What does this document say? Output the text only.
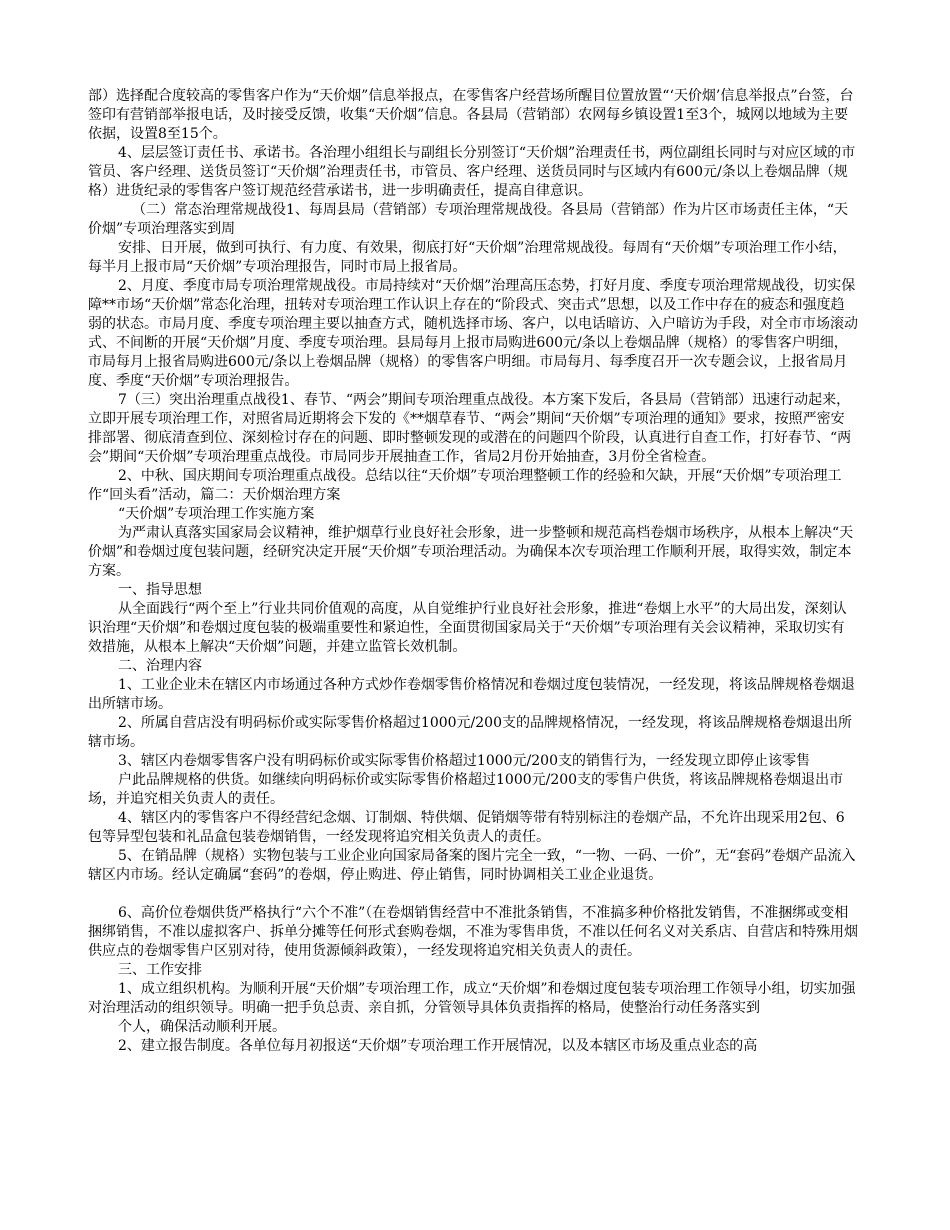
部）选择配合度较高的零售客户作为“天价烟”信息举报点，在零售客户经营场所醒目位置放置“‘天价烟’信息举报点”台签，台签印有营销部举报电话，及时接受反馈，收集“天价烟”信息。各县局（营销部）农网每乡镇设置1至3个，城网以地域为主要依据，设置8至15个。

4、层层签订责任书、承诺书。各治理小组组长与副组长分别签订“天价烟”治理责任书，两位副组长同时与对应区域的市管员、客户经理、送货员签订“天价烟”治理责任书，市管员、客户经理、送货员同时与区域内有600元/条以上卷烟品牌（规格）进货纪录的零售客户签订规范经营承诺书，进一步明确责任，提高自律意识。

（二）常态治理常规战役1、每周县局（营销部）专项治理常规战役。各县局（营销部）作为片区市场责任主体，“天价烟”专项治理落实到周

安排、日开展，做到可执行、有力度、有效果，彻底打好“天价烟”治理常规战役。每周有“天价烟”专项治理工作小结，每半月上报市局“天价烟”专项治理报告，同时市局上报省局。

2、月度、季度市局专项治理常规战役。市局持续对“天价烟”治理高压态势，打好月度、季度专项治理常规战役，切实保障**市场“天价烟”常态化治理，扭转对专项治理工作认识上存在的“阶段式、突击式”思想，以及工作中存在的疲态和强度趋弱的状态。市局月度、季度专项治理主要以抽查方式，随机选择市场、客户，以电话暗访、入户暗访为手段，对全市市场滚动式、不间断的开展“天价烟”月度、季度专项治理。县局每月上报市局购进600元/条以上卷烟品牌（规格）的零售客户明细，市局每月上报省局购进600元/条以上卷烟品牌（规格）的零售客户明细。市局每月、每季度召开一次专题会议，上报省局月度、季度“天价烟”专项治理报告。

7（三）突出治理重点战役1、春节、“两会”期间专项治理重点战役。本方案下发后，各县局（营销部）迅速行动起来，立即开展专项治理工作，对照省局近期将会下发的《**烟草春节、“两会”期间“天价烟”专项治理的通知》要求，按照严密安排部署、彻底清查到位、深刻检讨存在的问题、即时整顿发现的或潜在的问题四个阶段，认真进行自查工作，打好春节、“两会”期间“天价烟”专项治理重点战役。市局同步开展抽查工作，省局2月份开始抽查，3月份全省检查。

2、中秋、国庆期间专项治理重点战役。总结以往“天价烟”专项治理整顿工作的经验和欠缺，开展“天价烟”专项治理工作“回头看”活动，篇二：天价烟治理方案

“天价烟”专项治理工作实施方案

为严肃认真落实国家局会议精神，维护烟草行业良好社会形象，进一步整顿和规范高档卷烟市场秩序，从根本上解决“天价烟”和卷烟过度包装问题，经研究决定开展“天价烟”专项治理活动。为确保本次专项治理工作顺利开展，取得实效，制定本方案。

一、指导思想

从全面践行“两个至上”行业共同价值观的高度，从自觉维护行业良好社会形象，推进“卷烟上水平”的大局出发，深刻认识治理“天价烟”和卷烟过度包装的极端重要性和紧迫性，全面贯彻国家局关于“天价烟”专项治理有关会议精神，采取切实有效措施，从根本上解决“天价烟”问题，并建立监管长效机制。

二、治理内容

1、工业企业未在辖区内市场通过各种方式炒作卷烟零售价格情况和卷烟过度包装情况，一经发现，将该品牌规格卷烟退出所辖市场。

2、所属自营店没有明码标价或实际零售价格超过1000元/200支的品牌规格情况，一经发现，将该品牌规格卷烟退出所辖市场。

3、辖区内卷烟零售客户没有明码标价或实际零售价格超过1000元/200支的销售行为，一经发现立即停止该零售

户此品牌规格的供货。如继续向明码标价或实际零售价格超过1000元/200支的零售户供货，将该品牌规格卷烟退出市场，并追究相关负责人的责任。

4、辖区内的零售客户不得经营纪念烟、订制烟、特供烟、促销烟等带有特别标注的卷烟产品，不允许出现采用2包、6包等异型包装和礼品盒包装卷烟销售，一经发现将追究相关负责人的责任。

5、在销品牌（规格）实物包装与工业企业向国家局备案的图片完全一致，“一物、一码、一价”，无“套码”卷烟产品流入辖区内市场。经认定确属“套码”的卷烟，停止购进、停止销售，同时协调相关工业企业退货。

6、高价位卷烟供货严格执行“六个不准”（在卷烟销售经营中不准批条销售，不准搞多种价格批发销售，不准捆绑或变相捆绑销售，不准以虚拟客户、拆单分摊等任何形式套购卷烟，不准为零售串货，不准以任何名义对关系店、自营店和特殊用烟供应点的卷烟零售户区别对待，使用货源倾斜政策），一经发现将追究相关负责人的责任。

三、工作安排

1、成立组织机构。为顺利开展“天价烟”专项治理工作，成立“天价烟”和卷烟过度包装专项治理工作领导小组，切实加强对治理活动的组织领导。明确一把手负总责、亲自抓，分管领导具体负责指挥的格局，使整治行动任务落实到

个人，确保活动顺利开展。

2、建立报告制度。各单位每月初报送“天价烟”专项治理工作开展情况，以及本辖区市场及重点业态的高
